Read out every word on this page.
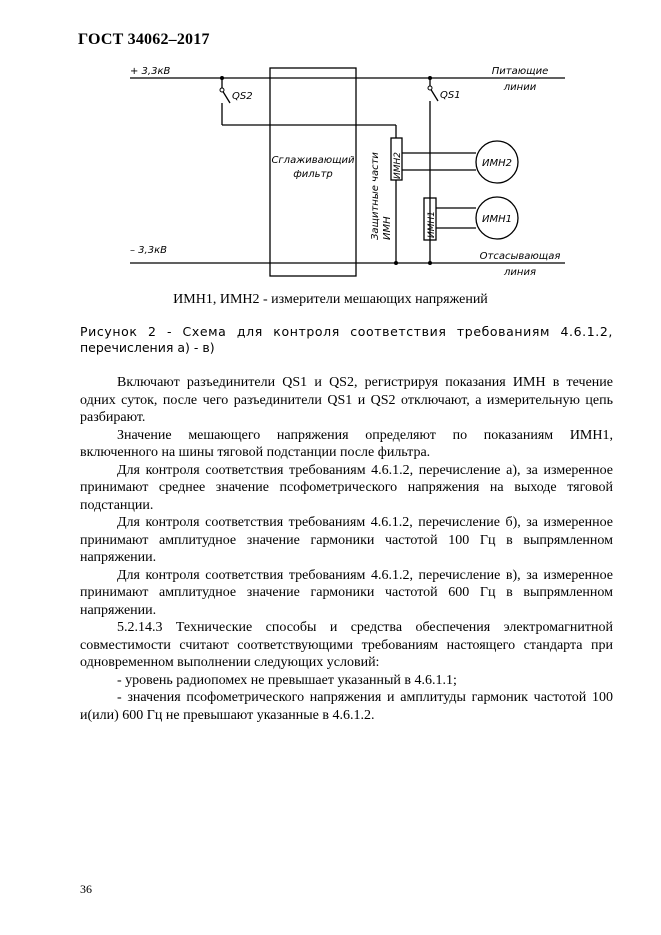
ГОСТ 34062–2017
+ 3,3кВ
– 3,3кВ
Питающие
линии
Отсасывающая
линия
QS2	QS1
Сглаживающий
фильтр	Защитные части ИМН
ИМН2
ИМН1
ИМН2
ИМН1
ИМН1, ИМН2 - измерители мешающих напряжений
Рисунок 2 - Схема для контроля соответствия требованиям 4.6.1.2,
перечисления а) - в)

Включают разъединители QS1 и QS2, регистрируя показания ИМН в течение одних суток, после чего разъединители QS1 и QS2 отключают, а измерительную цепь разбирают.

Значение мешающего напряжения определяют по показаниям ИМН1, включенного на шины тяговой подстанции после фильтра.

Для контроля соответствия требованиям 4.6.1.2, перечисление а), за измеренное принимают среднее значение псофометрического напряжения на выходе тяговой подстанции.

Для контроля соответствия требованиям 4.6.1.2, перечисление б), за измеренное принимают амплитудное значение гармоники частотой 100 Гц в выпрямленном напряжении.

Для контроля соответствия требованиям 4.6.1.2, перечисление в), за измеренное принимают амплитудное значение гармоники частотой 600 Гц в выпрямленном напряжении.

5.2.14.3 Технические способы и средства обеспечения электромагнитной совместимости считают соответствующими требованиям настоящего стандарта при одновременном выполнении следующих условий:

- уровень радиопомех не превышает указанный в 4.6.1.1;

- значения псофометрического напряжения и амплитуды гармоник частотой 100 и(или) 600 Гц не превышают указанные в 4.6.1.2.

36
